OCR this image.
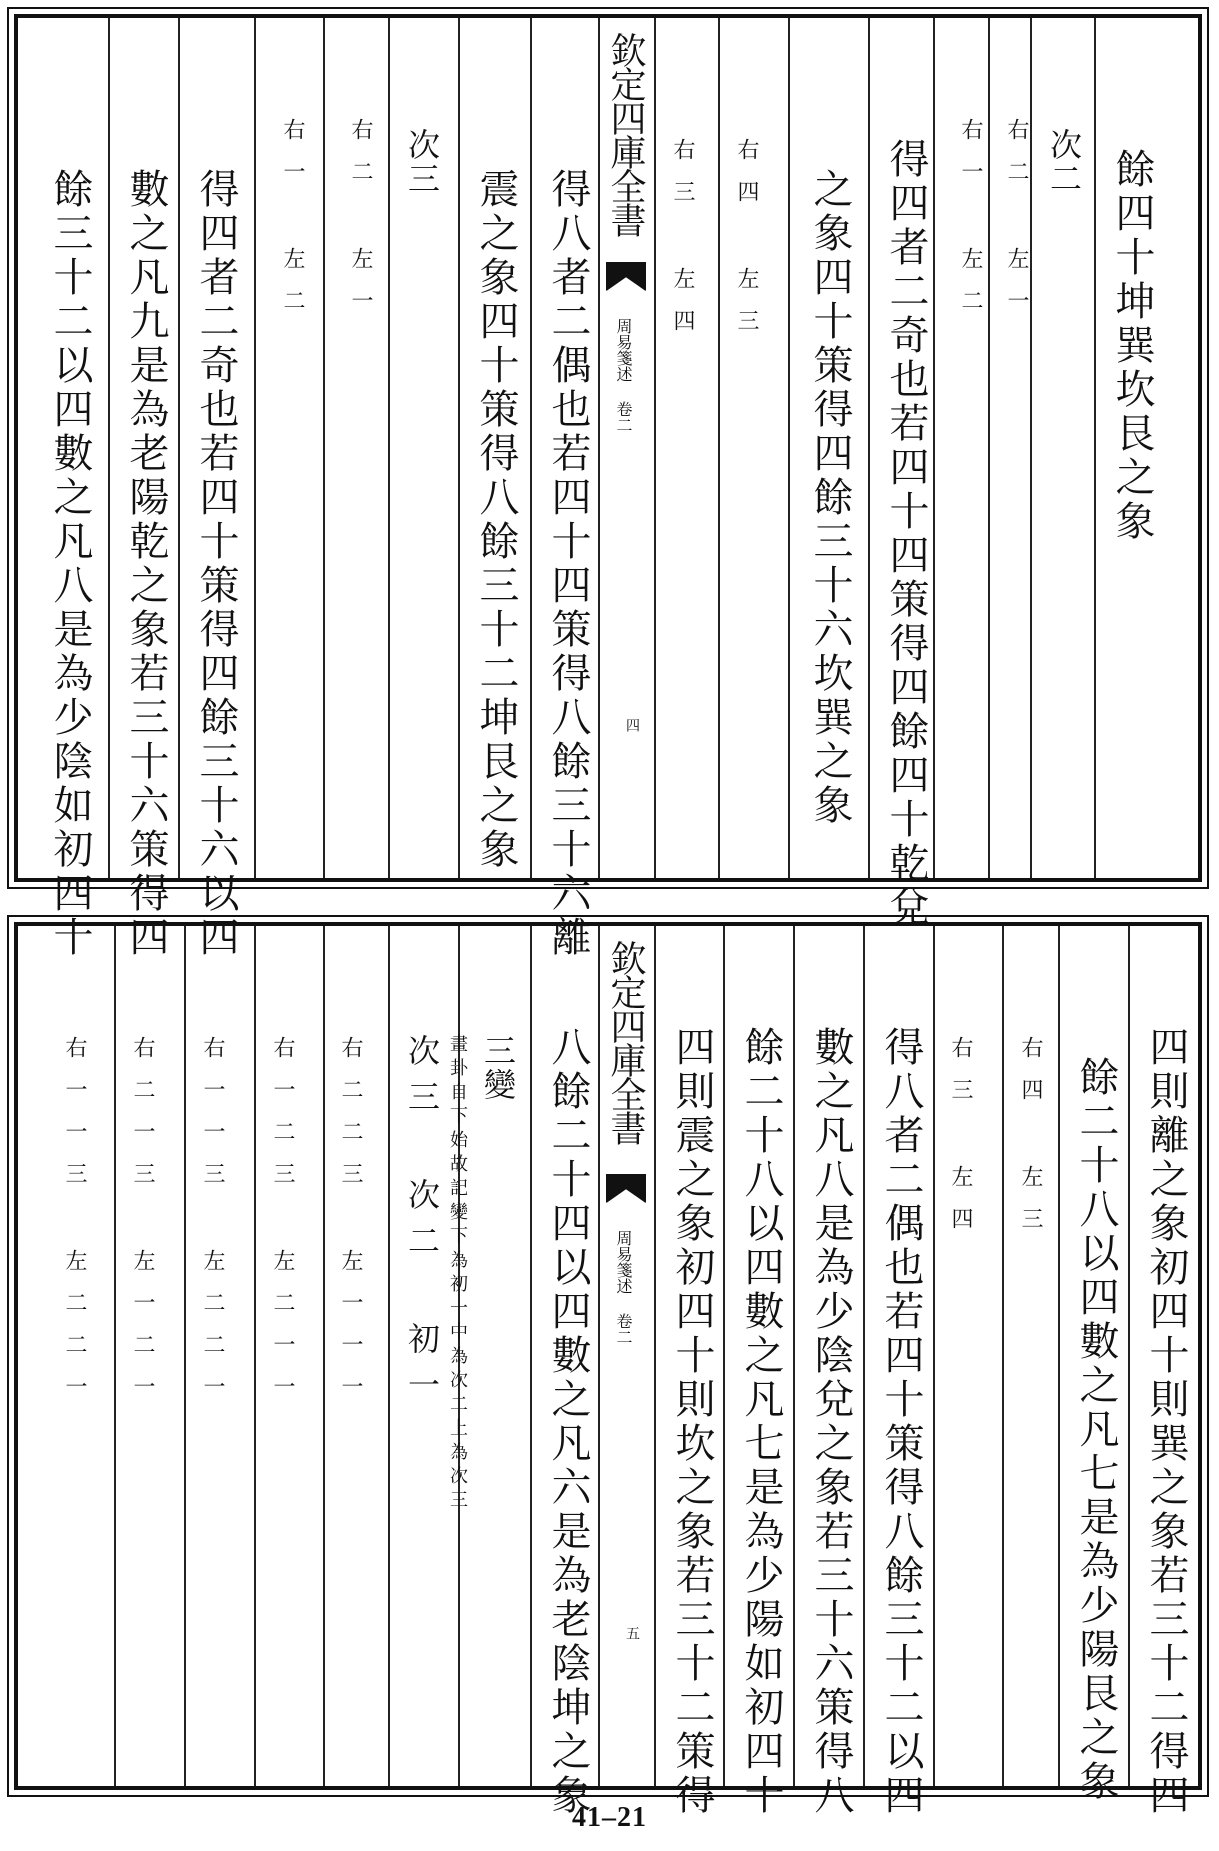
餘四十坤巽坎艮之象
次二
右二 左一
右一 左二
得四者二奇也若四十四策得四餘四十乾兌
之象四十策得四餘三十六坎巽之象
右四 左三
右三 左四
欽定四庫全書
周易箋述 卷二
四
得八者二偶也若四十四策得八餘三十六離
震之象四十策得八餘三十二坤艮之象
次三
右二 左一
右一 左二
得四者二奇也若四十策得四餘三十六以四
數之凡九是為老陽乾之象若三十六策得四
餘三十二以四數之凡八是為少陰如初四十
四則離之象初四十則巽之象若三十二得四
餘二十八以四數之凡七是為少陽艮之象
右四 左三
右三 左四
得八者二偶也若四十策得八餘三十二以四
數之凡八是為少陰兌之象若三十六策得八
餘二十八以四數之凡七是為少陽如初四十
四則震之象初四十則坎之象若三十二策得
欽定四庫全書
周易箋述 卷二
五
八餘二十四以四數之凡六是為老陰坤之象
三變
畫卦自下始故記變下為初一中為次二上為次三
次三 次二 初一
右二二三 左一一一
右一二三 左二一一
右一一三 左二二一
右二一三 左一二一
右一一三 左二二一
41–21
